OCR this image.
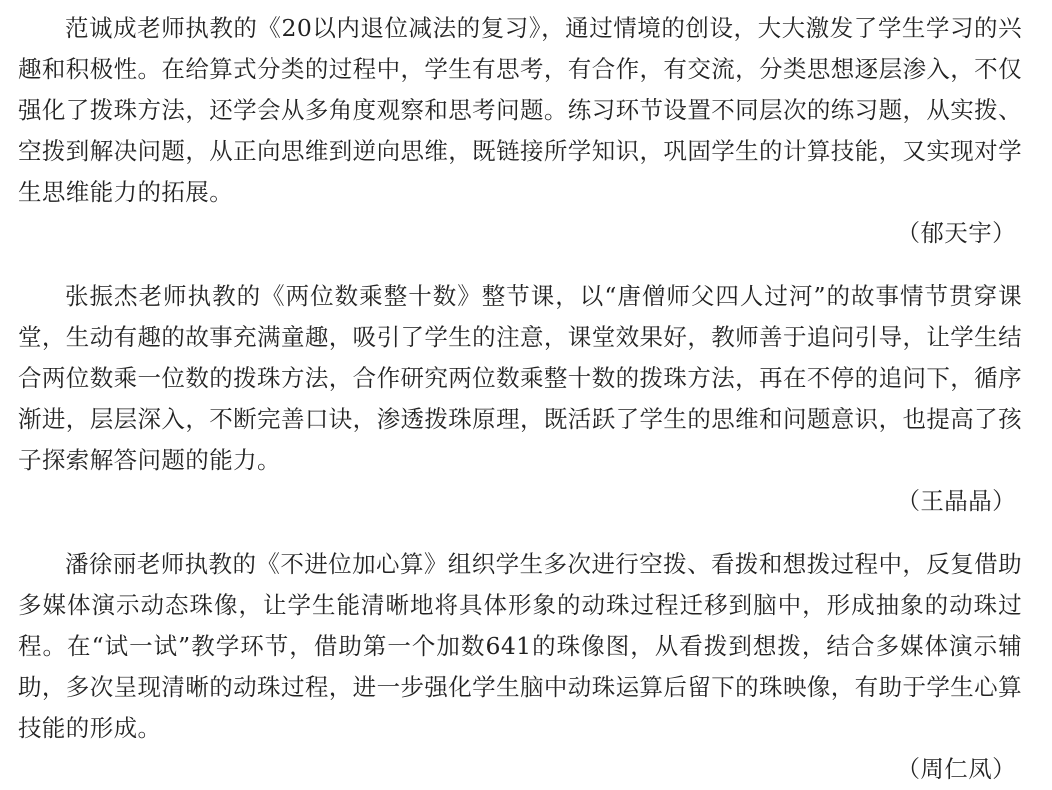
范诚成老师执教的《20以内退位减法的复习》，通过情境的创设，大大激发了学生学习的兴趣和积极性。在给算式分类的过程中，学生有思考，有合作，有交流，分类思想逐层渗入，不仅强化了拨珠方法，还学会从多角度观察和思考问题。练习环节设置不同层次的练习题，从实拨、空拨到解决问题，从正向思维到逆向思维，既链接所学知识，巩固学生的计算技能，又实现对学生思维能力的拓展。

（郁天宇）

张振杰老师执教的《两位数乘整十数》整节课，以“唐僧师父四人过河”的故事情节贯穿课堂，生动有趣的故事充满童趣，吸引了学生的注意，课堂效果好，教师善于追问引导，让学生结合两位数乘一位数的拨珠方法，合作研究两位数乘整十数的拨珠方法，再在不停的追问下，循序渐进，层层深入，不断完善口诀，渗透拨珠原理，既活跃了学生的思维和问题意识，也提高了孩子探索解答问题的能力。

（王晶晶）

潘徐丽老师执教的《不进位加心算》组织学生多次进行空拨、看拨和想拨过程中，反复借助多媒体演示动态珠像，让学生能清晰地将具体形象的动珠过程迁移到脑中，形成抽象的动珠过程。在“试一试”教学环节，借助第一个加数641的珠像图，从看拨到想拨，结合多媒体演示辅助，多次呈现清晰的动珠过程，进一步强化学生脑中动珠运算后留下的珠映像，有助于学生心算技能的形成。

（周仁凤）
